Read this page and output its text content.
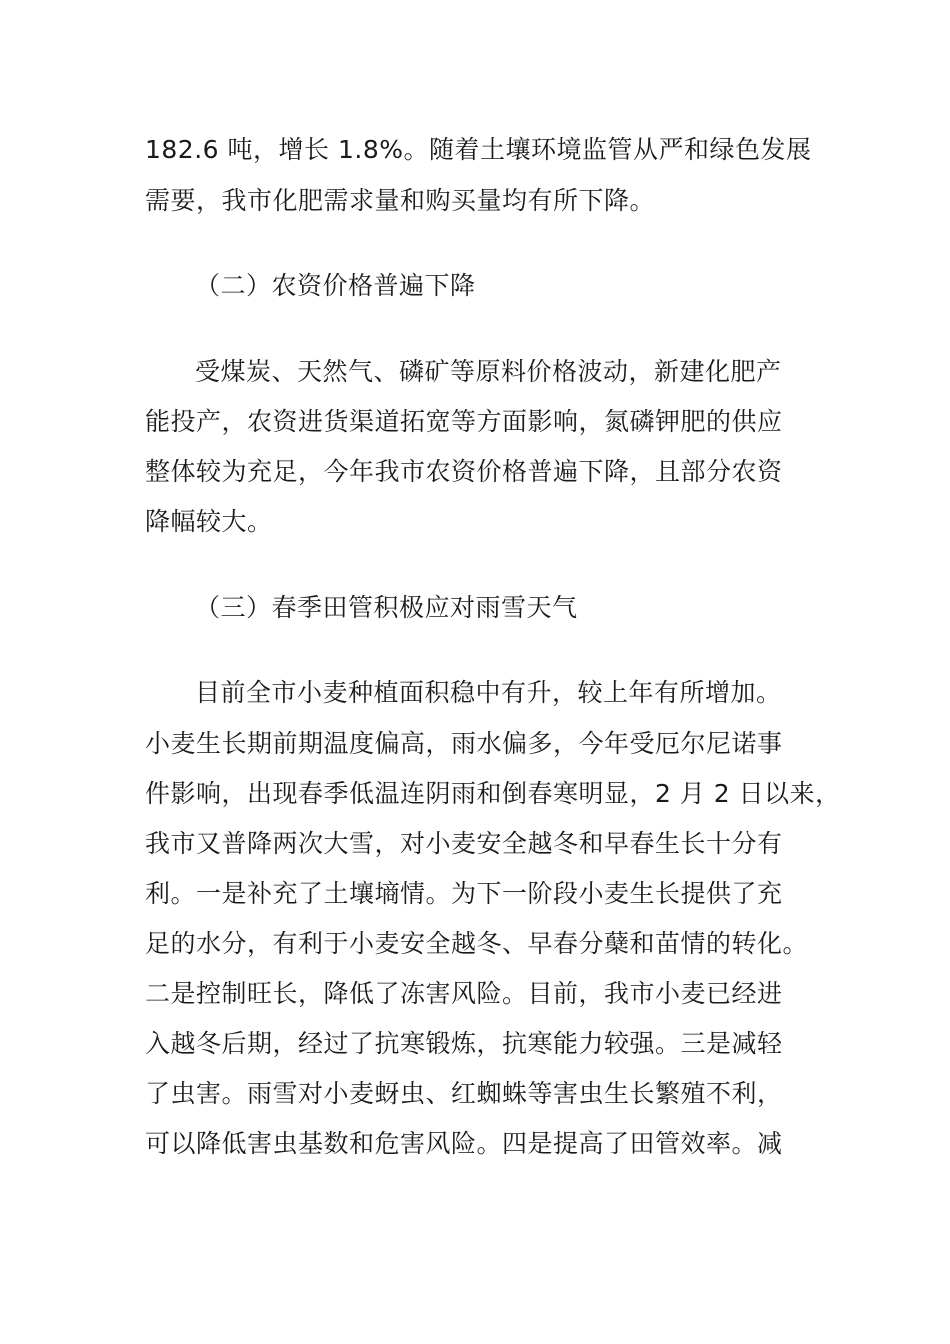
182.6 吨，增长 1.8%。随着土壤环境监管从严和绿色发展

需要，我市化肥需求量和购买量均有所下降。

（二）农资价格普遍下降

受煤炭、天然气、磷矿等原料价格波动，新建化肥产

能投产，农资进货渠道拓宽等方面影响，氮磷钾肥的供应

整体较为充足，今年我市农资价格普遍下降，且部分农资

降幅较大。

（三）春季田管积极应对雨雪天气

目前全市小麦种植面积稳中有升，较上年有所增加。

小麦生长期前期温度偏高，雨水偏多，今年受厄尔尼诺事

件影响，出现春季低温连阴雨和倒春寒明显，2 月 2 日以来，

我市又普降两次大雪，对小麦安全越冬和早春生长十分有

利。一是补充了土壤墒情。为下一阶段小麦生长提供了充

足的水分，有利于小麦安全越冬、早春分蘖和苗情的转化。

二是控制旺长，降低了冻害风险。目前，我市小麦已经进

入越冬后期，经过了抗寒锻炼，抗寒能力较强。三是减轻

了虫害。雨雪对小麦蚜虫、红蜘蛛等害虫生长繁殖不利，

可以降低害虫基数和危害风险。四是提高了田管效率。减
